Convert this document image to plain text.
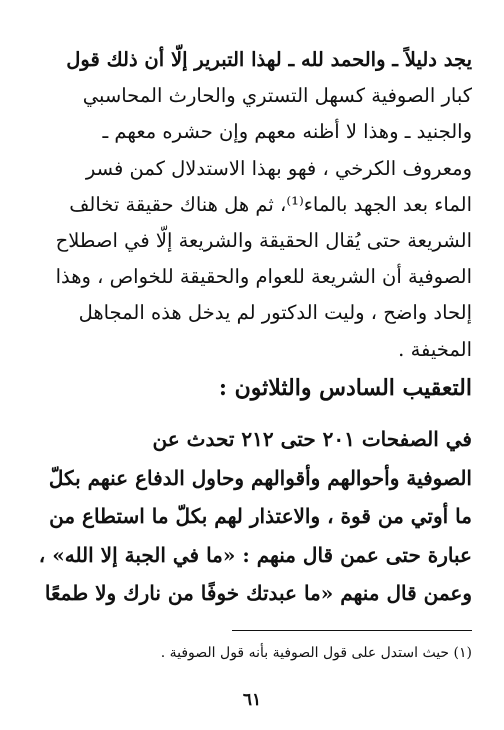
يجد دليلاً ـ والحمد لله ـ لهذا التبرير إلّا أن ذلك قول
كبار الصوفية كسهل التستري والحارث المحاسبي
والجنيد ـ وهذا لا أظنه معهم وإن حشره معهم ـ
ومعروف الكرخي ، فهو بهذا الاستدلال كمن فسر
الماء بعد الجهد بالماء⁽¹⁾، ثم هل هناك حقيقة تخالف
الشريعة حتى يُقال الحقيقة والشريعة إلّا في اصطلاح
الصوفية أن الشريعة للعوام والحقيقة للخواص ، وهذا
إلحاد واضح ، وليت الدكتور لم يدخل هذه المجاهل
المخيفة .
التعقيب السادس والثلاثون :
في الصفحات ٢٠١ حتى ٢١٢ تحدث عن
الصوفية وأحوالهم وأقوالهم وحاول الدفاع عنهم بكلّ
ما أوتي من قوة ، والاعتذار لهم بكلّ ما استطاع من
عبارة حتى عمن قال منهم : «ما في الجبة إلا الله» ،
وعمن قال منهم «ما عبدتك خوفًا من نارك ولا طمعًا
(١) حيث استدل على قول الصوفية بأنه قول الصوفية .
٦١
